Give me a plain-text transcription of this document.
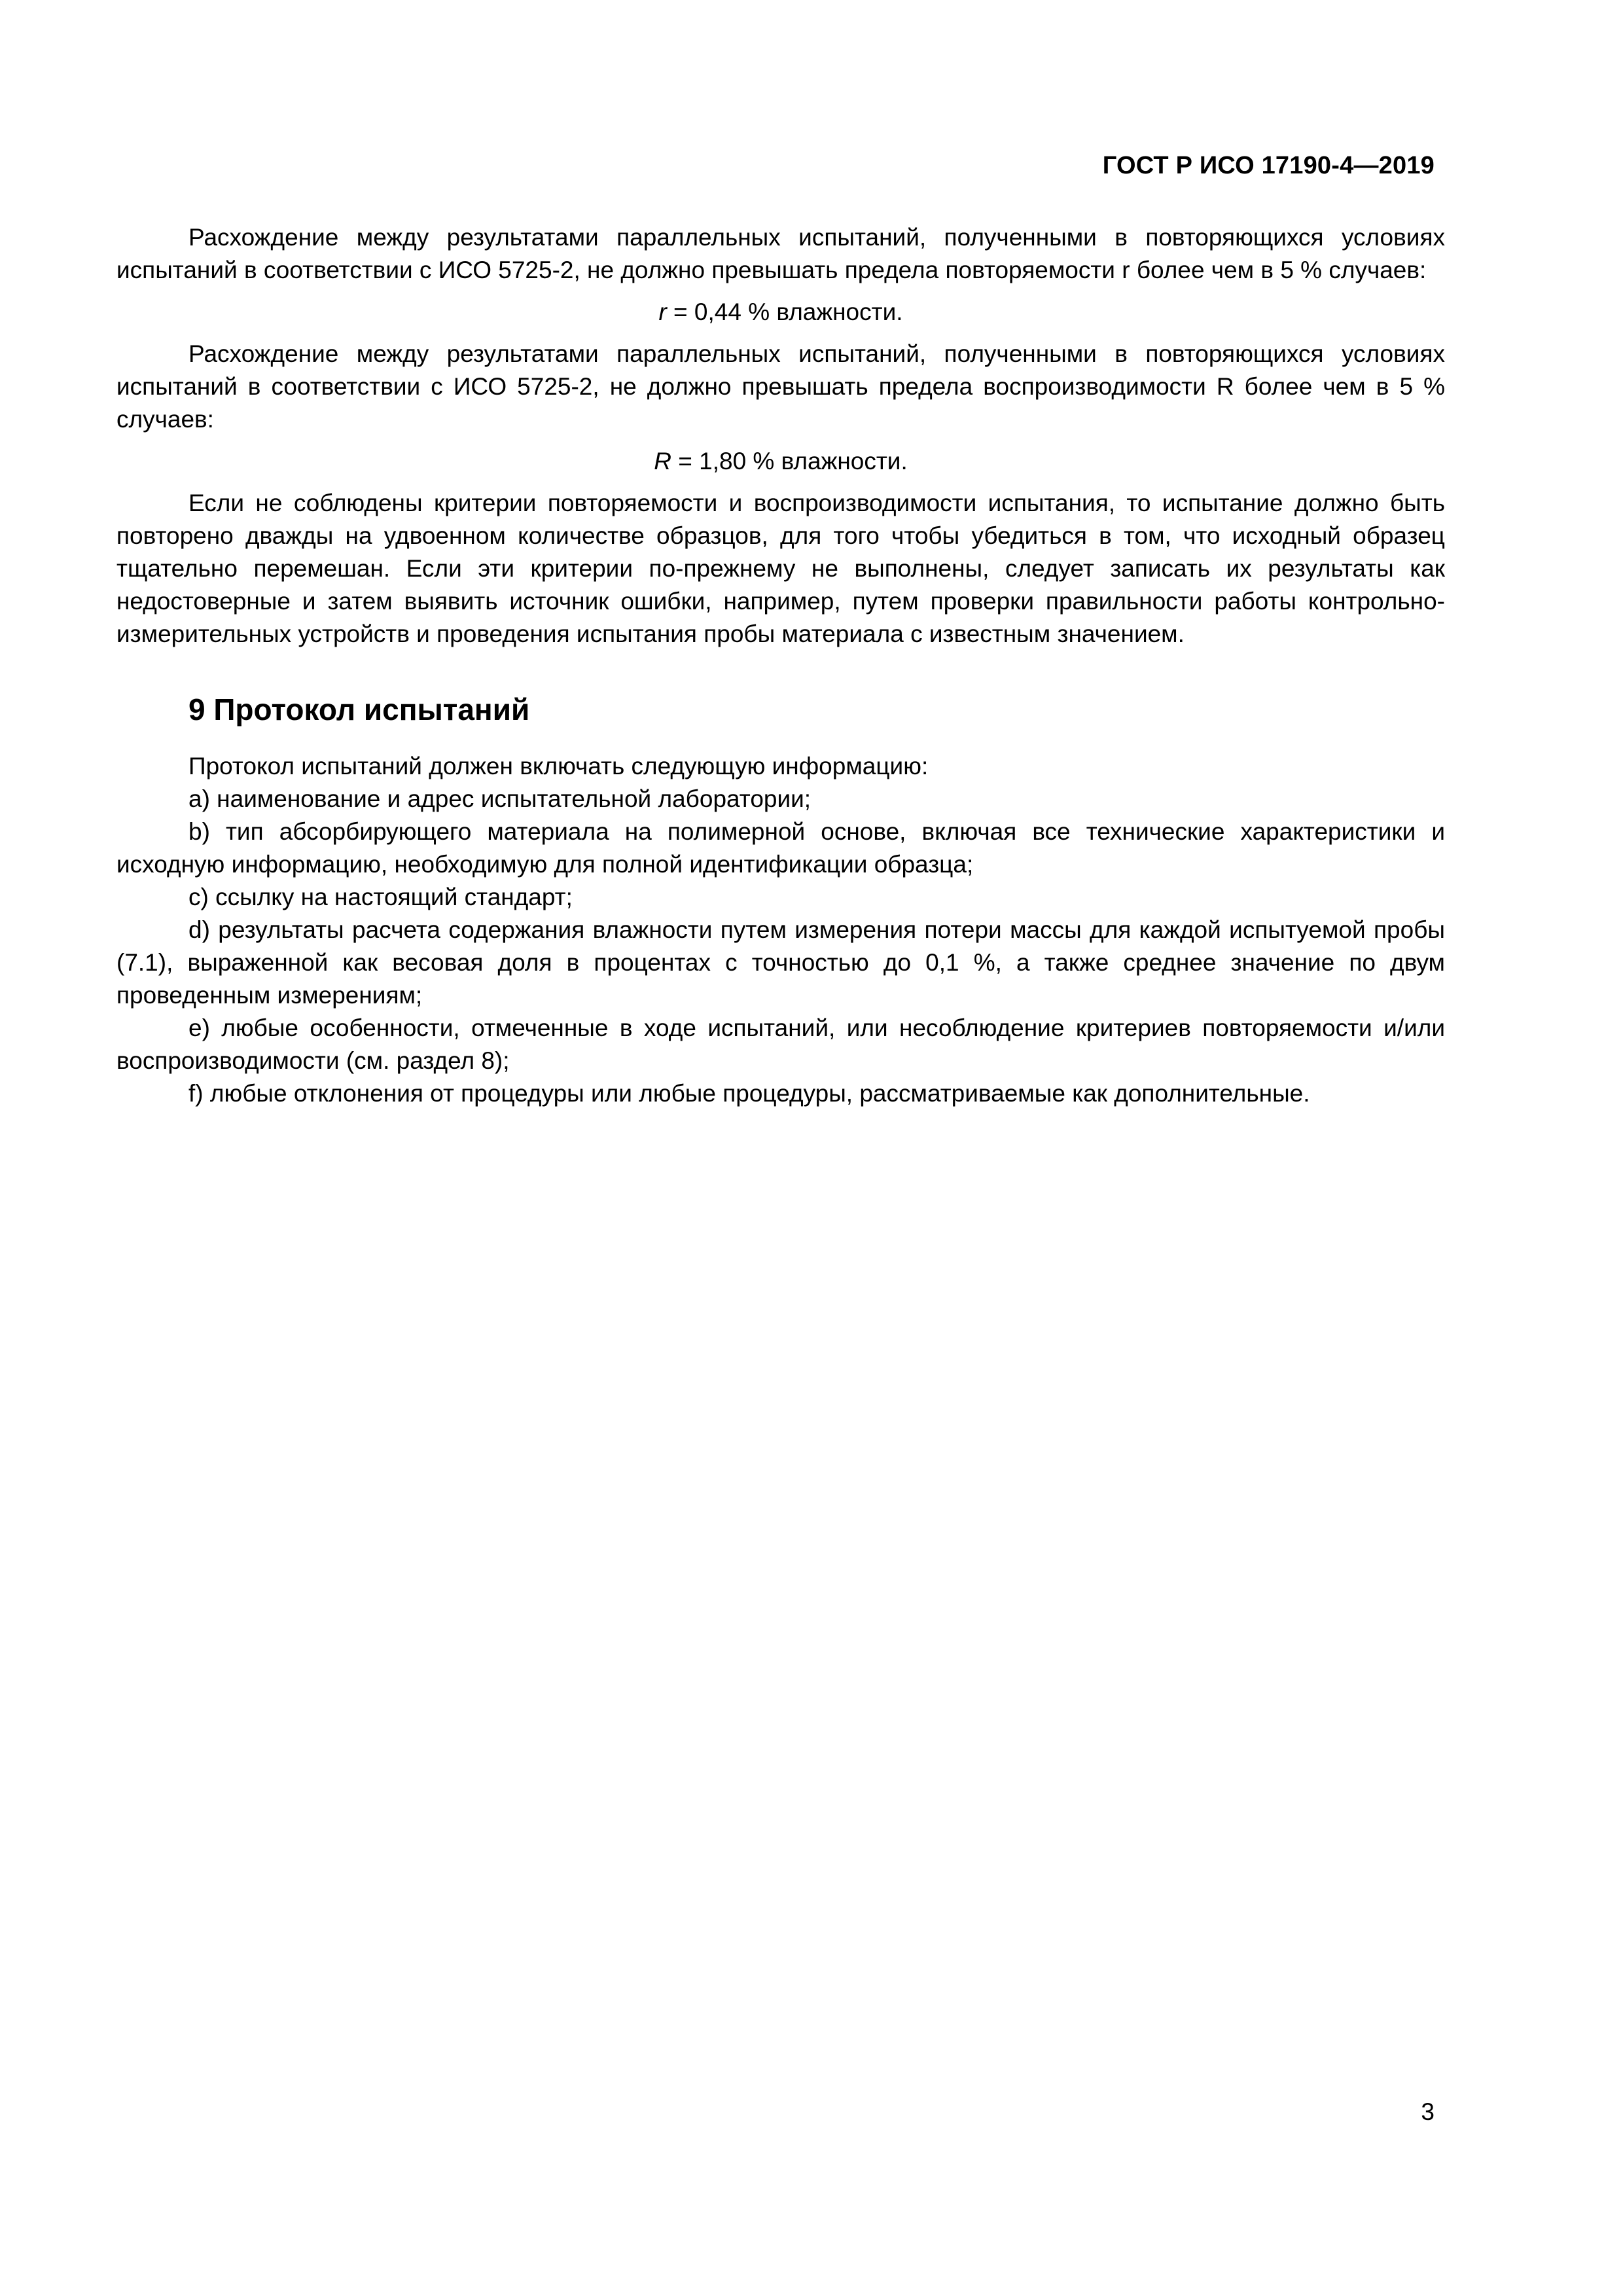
ГОСТ Р ИСО 17190-4—2019

Расхождение между результатами параллельных испытаний, полученными в повторяющихся условиях испытаний в соответствии с ИСО 5725-2, не должно превышать предела повторяемости r более чем в 5 % случаев:

r = 0,44 % влажности.

Расхождение между результатами параллельных испытаний, полученными в повторяющихся условиях испытаний в соответствии с ИСО 5725-2, не должно превышать предела воспроизводимости R более чем в 5 % случаев:

R = 1,80 % влажности.

Если не соблюдены критерии повторяемости и воспроизводимости испытания, то испытание должно быть повторено дважды на удвоенном количестве образцов, для того чтобы убедиться в том, что исходный образец тщательно перемешан. Если эти критерии по-прежнему не выполнены, следует записать их результаты как недостоверные и затем выявить источник ошибки, например, путем проверки правильности работы контрольно-измерительных устройств и проведения испытания пробы материала с известным значением.

9 Протокол испытаний

Протокол испытаний должен включать следующую информацию:

a) наименование и адрес испытательной лаборатории;

b) тип абсорбирующего материала на полимерной основе, включая все технические характеристики и исходную информацию, необходимую для полной идентификации образца;

c) ссылку на настоящий стандарт;

d) результаты расчета содержания влажности путем измерения потери массы для каждой испытуемой пробы (7.1), выраженной как весовая доля в процентах с точностью до 0,1 %, а также среднее значение по двум проведенным измерениям;

e) любые особенности, отмеченные в ходе испытаний, или несоблюдение критериев повторяемости и/или воспроизводимости (см. раздел 8);

f) любые отклонения от процедуры или любые процедуры, рассматриваемые как дополнительные.

3
